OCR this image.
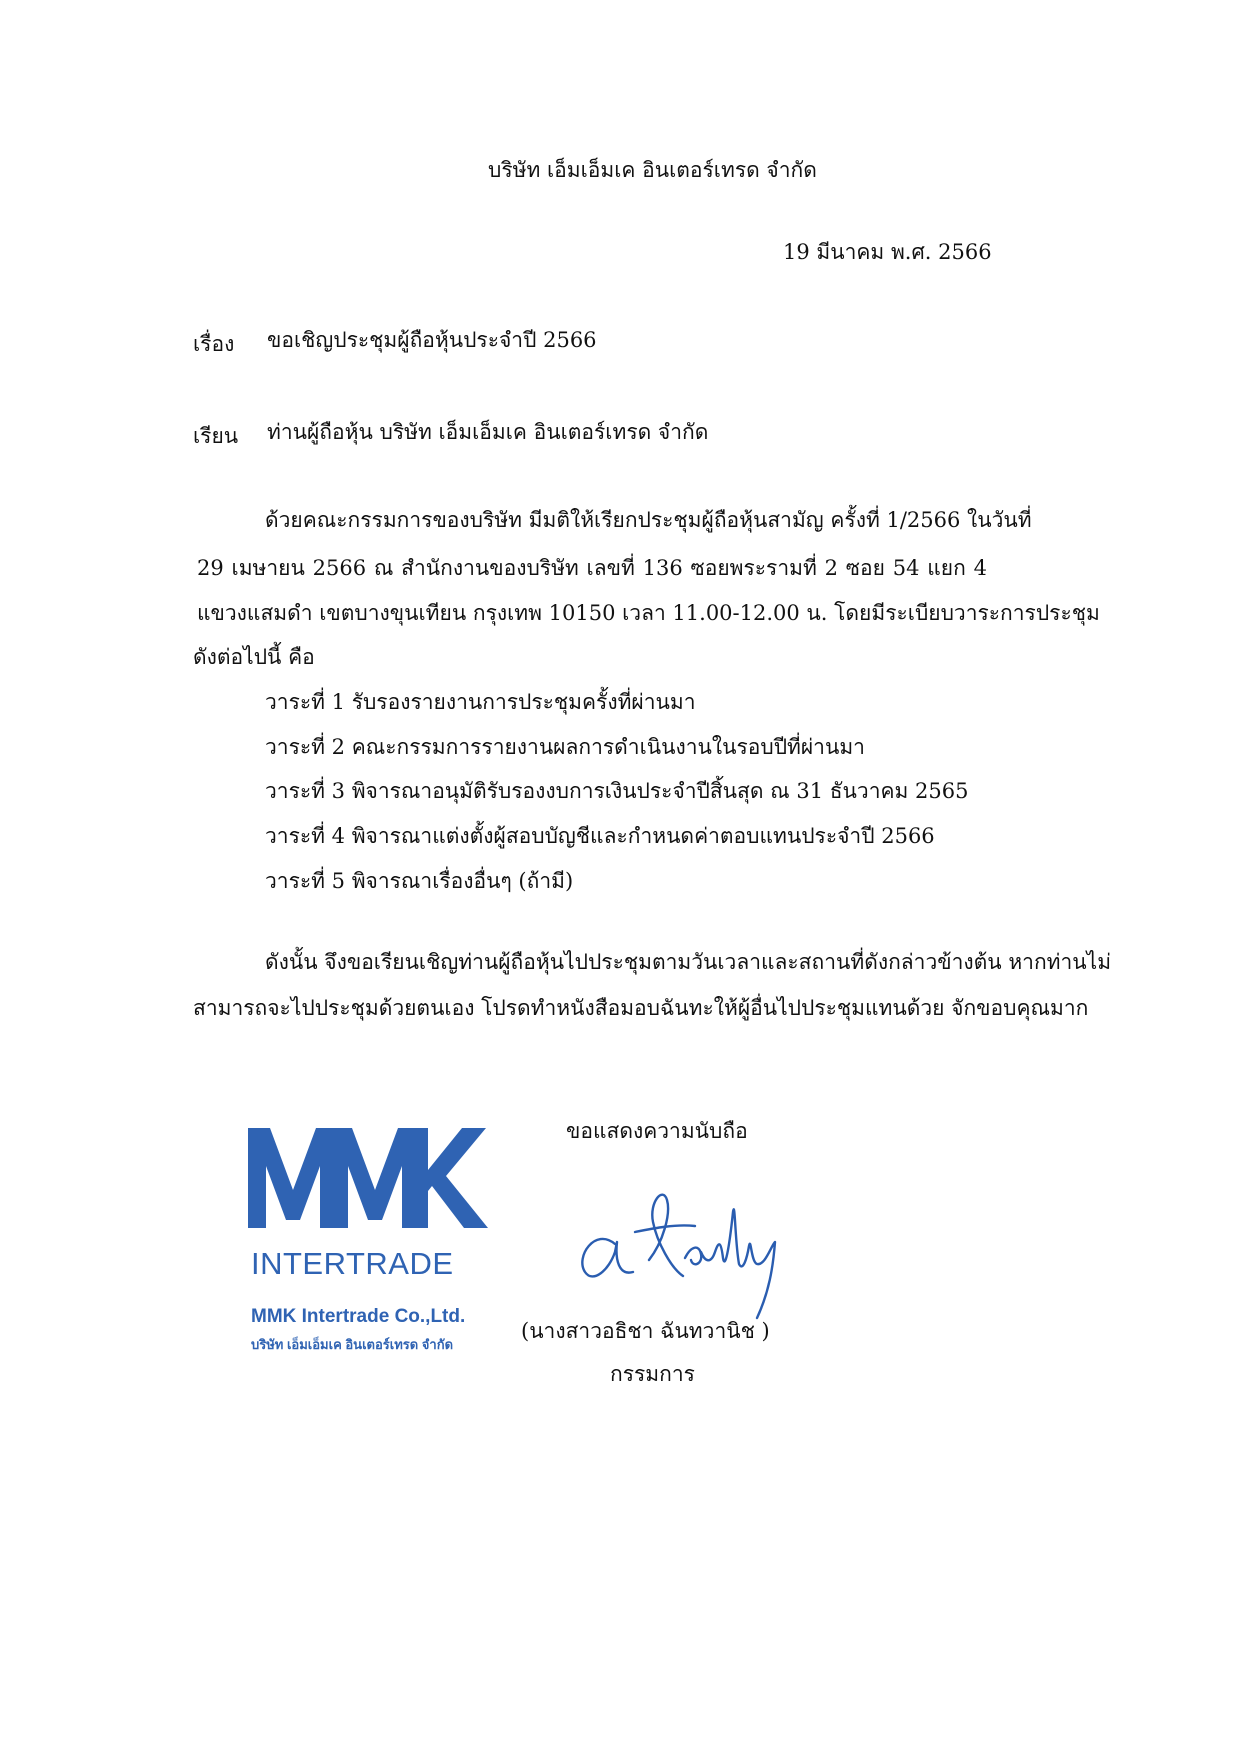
บริษัท เอ็มเอ็มเค อินเตอร์เทรด จำกัด
19 มีนาคม พ.ศ. 2566
เรื่อง ขอเชิญประชุมผู้ถือหุ้นประจำปี 2566
เรียน ท่านผู้ถือหุ้น บริษัท เอ็มเอ็มเค อินเตอร์เทรด จำกัด
ด้วยคณะกรรมการของบริษัท มีมติให้เรียกประชุมผู้ถือหุ้นสามัญ ครั้งที่ 1/2566 ในวันที่
29 เมษายน 2566 ณ สำนักงานของบริษัท เลขที่ 136 ซอยพระรามที่ 2 ซอย 54 แยก 4
แขวงแสมดำ เขตบางขุนเทียน กรุงเทพ 10150 เวลา 11.00-12.00 น. โดยมีระเบียบวาระการประชุม
ดังต่อไปนี้ คือ
วาระที่ 1 รับรองรายงานการประชุมครั้งที่ผ่านมา
วาระที่ 2 คณะกรรมการรายงานผลการดำเนินงานในรอบปีที่ผ่านมา
วาระที่ 3 พิจารณาอนุมัติรับรองงบการเงินประจำปีสิ้นสุด ณ 31 ธันวาคม 2565
วาระที่ 4 พิจารณาแต่งตั้งผู้สอบบัญชีและกำหนดค่าตอบแทนประจำปี 2566
วาระที่ 5 พิจารณาเรื่องอื่นๆ (ถ้ามี)
ดังนั้น จึงขอเรียนเชิญท่านผู้ถือหุ้นไปประชุมตามวันเวลาและสถานที่ดังกล่าวข้างต้น หากท่านไม่
สามารถจะไปประชุมด้วยตนเอง โปรดทำหนังสือมอบฉันทะให้ผู้อื่นไปประชุมแทนด้วย จักขอบคุณมาก
ขอแสดงความนับถือ
(นางสาวอธิชา ฉันทวานิช )
กรรมการ
INTERTRADE
MMK Intertrade Co.,Ltd.
บริษัท เอ็มเอ็มเค อินเตอร์เทรด จำกัด
